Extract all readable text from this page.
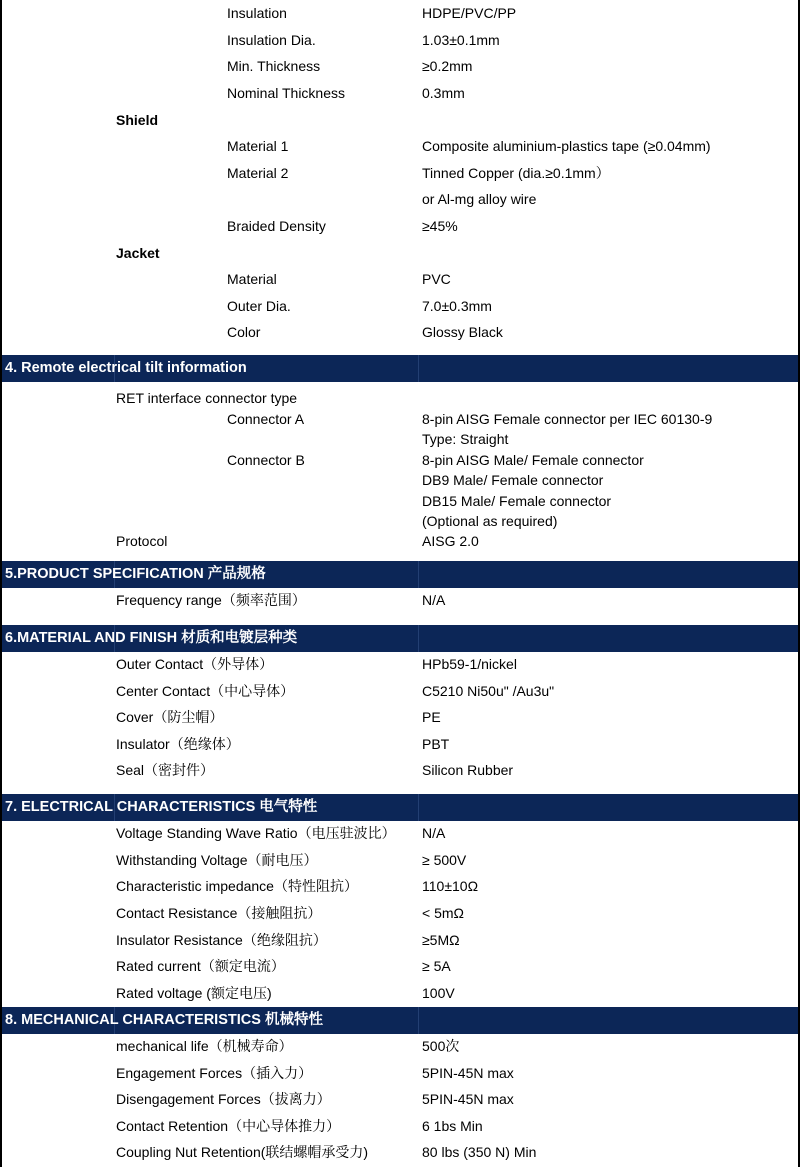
Insulation	HDPE/PVC/PP
Insulation Dia.	1.03±0.1mm
Min. Thickness	≥0.2mm
Nominal Thickness	0.3mm
Shield
Material 1	Composite aluminium-plastics tape (≥0.04mm)
Material 2	Tinned Copper (dia.≥0.1mm）
or Al-mg alloy wire
Braided Density	≥45%
Jacket
Material	PVC
Outer Dia.	7.0±0.3mm
Color	Glossy Black
4. Remote electrical tilt information
RET interface connector type
Connector A	8-pin AISG Female connector per IEC 60130-9
Type: Straight
Connector B	8-pin AISG Male/ Female connector
DB9 Male/ Female connector
DB15 Male/ Female connector
(Optional as required)
Protocol	AISG 2.0
5.PRODUCT SPECIFICATION 产品规格
Frequency range（频率范围）	N/A
6.MATERIAL AND FINISH 材质和电镀层种类
Outer Contact（外导体）	HPb59-1/nickel
Center Contact（中心导体）	C5210 Ni50u" /Au3u"
Cover（防尘帽）	PE
Insulator（绝缘体）	PBT
Seal（密封件）	Silicon Rubber
7. ELECTRICAL CHARACTERISTICS 电气特性
Voltage Standing Wave Ratio（电压驻波比） N/A
Withstanding Voltage（耐电压）	≥ 500V
Characteristic impedance（特性阻抗）	110±10Ω
Contact Resistance（接触阻抗）	< 5mΩ
Insulator Resistance（绝缘阻抗）	≥5MΩ
Rated current（额定电流）	≥ 5A
Rated voltage (额定电压)	100V
8. MECHANICAL CHARACTERISTICS 机械特性
mechanical life（机械寿命）	500次
Engagement Forces（插入力）	5PIN-45N max
Disengagement Forces（拔离力）	5PIN-45N max
Contact Retention（中心导体推力）	6 1bs Min
Coupling Nut Retention(联结螺帽承受力)	80 lbs (350 N) Min
